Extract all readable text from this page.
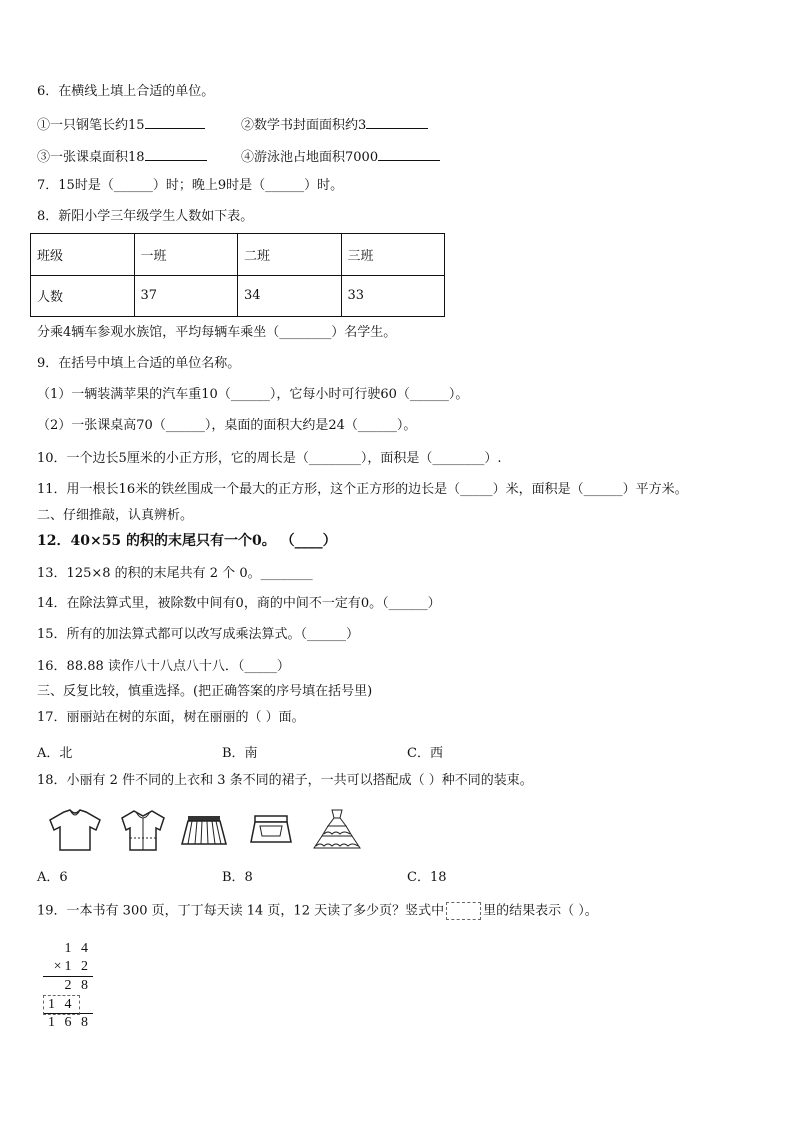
6．在横线上填上合适的单位。
①一只钢笔长约15	②数学书封面面积约3
③一张课桌面积18	④游泳池占地面积7000
7．15时是（______）时；晚上9时是（______）时。
8．新阳小学三年级学生人数如下表。
班级	一班	二班	三班
人数	37	34	33
分乘4辆车参观水族馆，平均每辆车乘坐（________）名学生。
9．在括号中填上合适的单位名称。
（1）一辆装满苹果的汽车重10（______），它每小时可行驶60（______）。
（2）一张课桌高70（______），桌面的面积大约是24（______）。
10．一个边长5厘米的小正方形，它的周长是（________），面积是（________）.
11．用一根长16米的铁丝围成一个最大的正方形，这个正方形的边长是（_____）米，面积是（______）平方米。
二、仔细推敲，认真辨析。
12．40×55 的积的末尾只有一个0。 （____）
13．125×8 的积的末尾共有 2 个 0。________
14．在除法算式里，被除数中间有0，商的中间不一定有0。（______）
15．所有的加法算式都可以改写成乘法算式。（______）
16．88.88 读作八十八点八十八．（_____）
三、反复比较，慎重选择。(把正确答案的序号填在括号里)
17．丽丽站在树的东面，树在丽丽的（ ）面。
A．北	B．南	C．西
18．小丽有 2 件不同的上衣和 3 条不同的裙子，一共可以搭配成（ ）种不同的装束。
A．6	B．8	C．18
19．一本书有 300 页，丁丁每天读 14 页，12 天读了多少页？竖式中	里的结果表示（ ）。
1 4
×1 2
2 8
1 4
1 6 8
